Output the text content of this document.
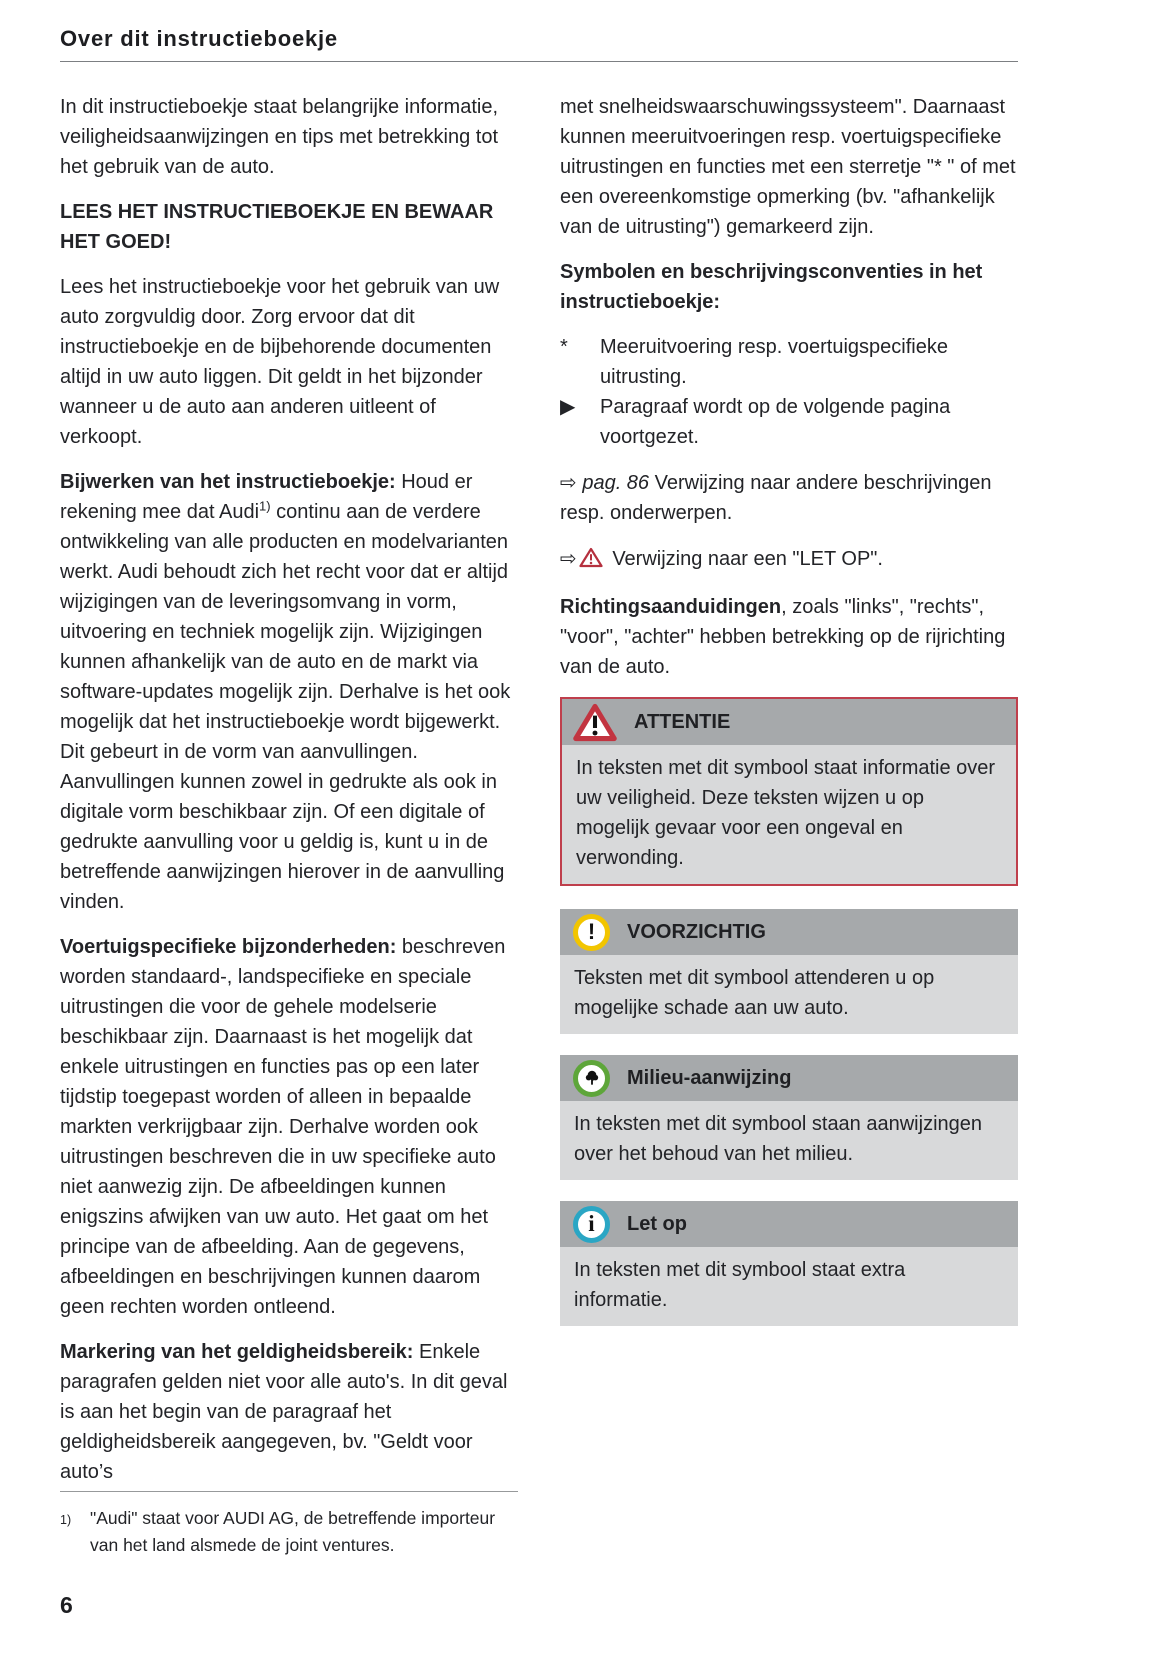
Over dit instructieboekje

In dit instructieboekje staat belangrijke informatie, veiligheidsaanwijzingen en tips met betrekking tot het gebruik van de auto.

LEES HET INSTRUCTIEBOEKJE EN BEWAAR HET GOED!

Lees het instructieboekje voor het gebruik van uw auto zorgvuldig door. Zorg ervoor dat dit instructieboekje en de bijbehorende documenten altijd in uw auto liggen. Dit geldt in het bijzonder wanneer u de auto aan anderen uitleent of verkoopt.

Bijwerken van het instructieboekje: Houd er rekening mee dat Audi$^{1)}$ continu aan de verdere ontwikkeling van alle producten en modelvarianten werkt. Audi behoudt zich het recht voor dat er altijd wijzigingen van de leveringsomvang in vorm, uitvoering en techniek mogelijk zijn. Wijzigingen kunnen afhankelijk van de auto en de markt via software-updates mogelijk zijn. Derhalve is het ook mogelijk dat het instructieboekje wordt bijgewerkt. Dit gebeurt in de vorm van aanvullingen. Aanvullingen kunnen zowel in gedrukte als ook in digitale vorm beschikbaar zijn. Of een digitale of gedrukte aanvulling voor u geldig is, kunt u in de betreffende aanwijzingen hierover in de aanvulling vinden.

Voertuigspecifieke bijzonderheden: beschreven worden standaard-, landspecifieke en speciale uitrustingen die voor de gehele modelserie beschikbaar zijn. Daarnaast is het mogelijk dat enkele uitrustingen en functies pas op een later tijdstip toegepast worden of alleen in bepaalde markten verkrijgbaar zijn. Derhalve worden ook uitrustingen beschreven die in uw specifieke auto niet aanwezig zijn. De afbeeldingen kunnen enigszins afwijken van uw auto. Het gaat om het principe van de afbeelding. Aan de gegevens, afbeeldingen en beschrijvingen kunnen daarom geen rechten worden ontleend.

Markering van het geldigheidsbereik: Enkele paragrafen gelden niet voor alle auto's. In dit geval is aan het begin van de paragraaf het geldigheidsbereik aangegeven, bv. "Geldt voor auto’s

met snelheidswaarschuwingssysteem". Daarnaast kunnen meeruitvoeringen resp. voertuigspecifieke uitrustingen en functies met een sterretje "* " of met een overeenkomstige opmerking (bv. "afhankelijk van de uitrusting") gemarkeerd zijn.

Symbolen en beschrijvingsconventies in het instructieboekje:

*	Meeruitvoering resp. voertuigspecifieke uitrusting.
▶	Paragraaf wordt op de volgende pagina voortgezet.

⇨ pag. 86 Verwijzing naar andere beschrijvingen resp. onderwerpen.

⇨ Verwijzing naar een "LET OP".

Richtingsaanduidingen, zoals "links", "rechts", "voor", "achter" hebben betrekking op de rijrichting van de auto.

ATTENTIE
In teksten met dit symbool staat informatie over uw veiligheid. Deze teksten wijzen u op mogelijk gevaar voor een ongeval en verwonding.
!	VOORZICHTIG
Teksten met dit symbool attenderen u op mogelijke schade aan uw auto.
Milieu-aanwijzing
In teksten met dit symbool staan aanwijzingen over het behoud van het milieu.
i	Let op
In teksten met dit symbool staat extra informatie.
1)	"Audi" staat voor AUDI AG, de betreffende importeur van het land alsmede de joint ventures.
6
